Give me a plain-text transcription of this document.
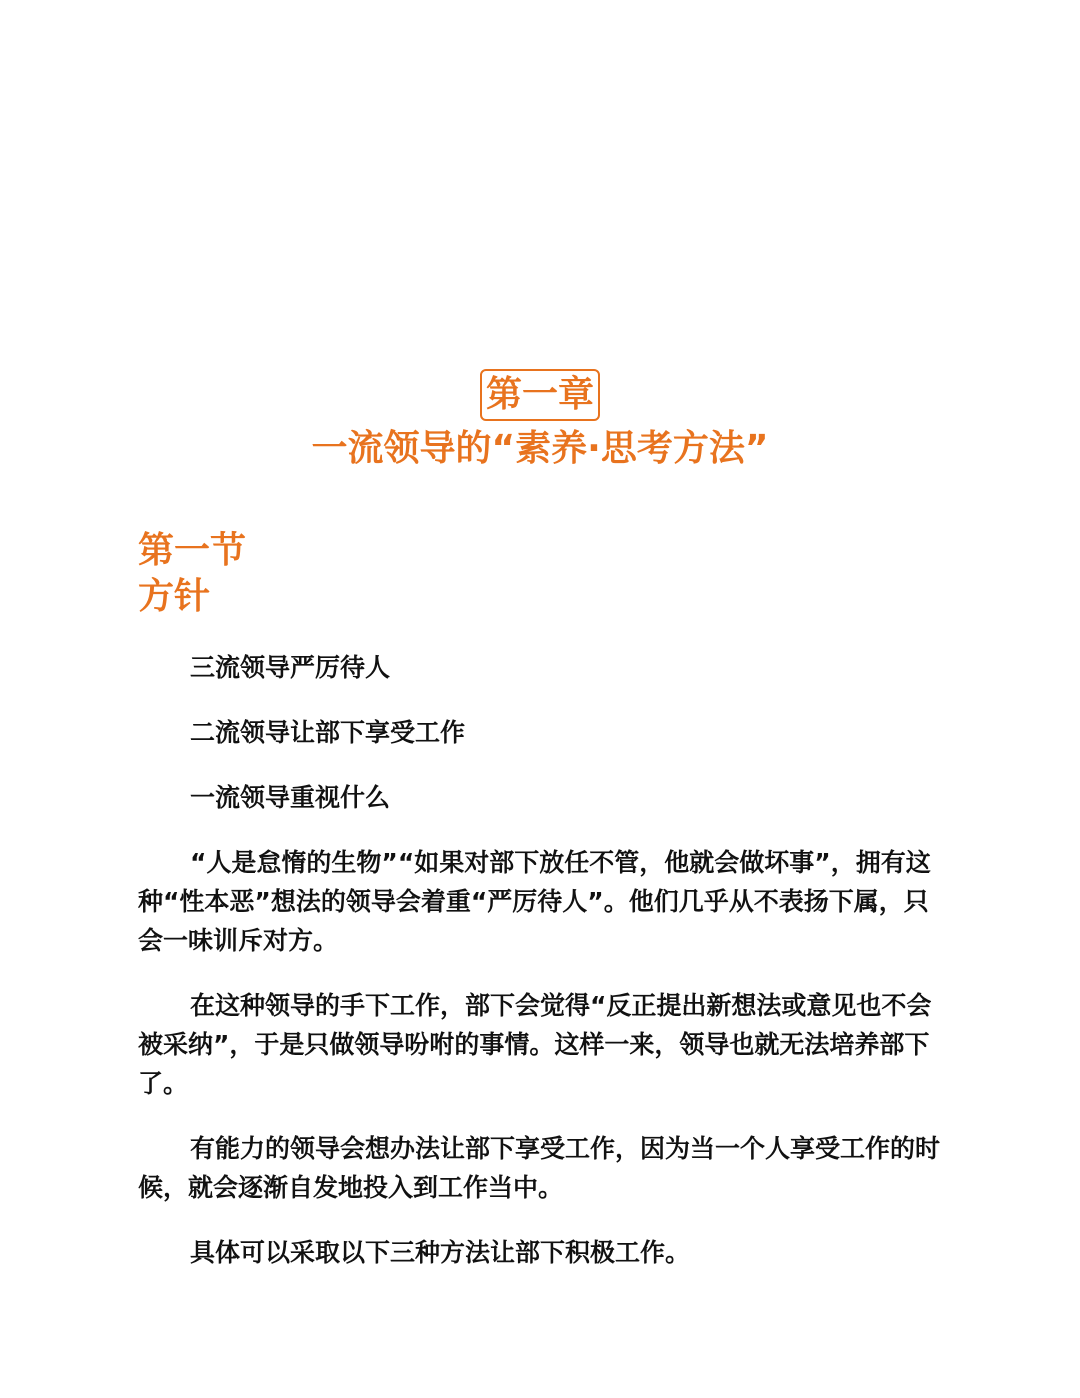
第一章
一流领导的“素养·思考方法”
第一节
方针

三流领导严厉待人

二流领导让部下享受工作

一流领导重视什么

“人是怠惰的生物”“如果对部下放任不管，他就会做坏事”，拥有这种“性本恶”想法的领导会着重“严厉待人”。他们几乎从不表扬下属，只会一味训斥对方。

在这种领导的手下工作，部下会觉得“反正提出新想法或意见也不会被采纳”，于是只做领导吩咐的事情。这样一来，领导也就无法培养部下了。

有能力的领导会想办法让部下享受工作，因为当一个人享受工作的时候，就会逐渐自发地投入到工作当中。

具体可以采取以下三种方法让部下积极工作。
